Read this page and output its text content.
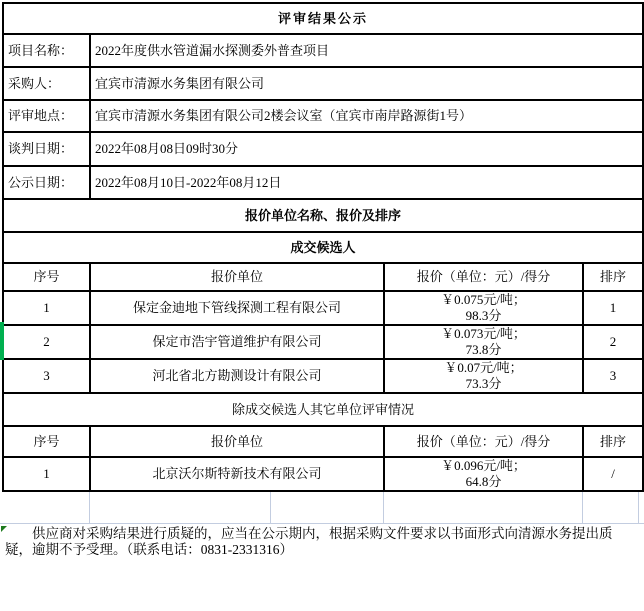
评审结果公示			
项目名称：	2022年度供水管道漏水探测委外普查项目		
采购人：	宜宾市清源水务集团有限公司		
评审地点：	宜宾市清源水务集团有限公司2楼会议室（宜宾市南岸路源街1号）		
谈判日期：	2022年08月08日09时30分		
公示日期：	2022年08月10日-2022年08月12日		
报价单位名称、报价及排序			
成交候选人			
序号	报价单位	报价（单位：元）/得分	排序
1	保定金迪地下管线探测工程有限公司	￥0.075元/吨；
98.3分	1
2	保定市浩宇管道维护有限公司	￥0.073元/吨；
73.8分	2
3	河北省北方勘测设计有限公司	￥0.07元/吨；
73.3分	3
除成交候选人其它单位评审情况			
序号	报价单位	报价（单位：元）/得分	排序
1	北京沃尔斯特新技术有限公司	￥0.096元/吨；
64.8分	/
　　供应商对采购结果进行质疑的，应当在公示期内，根据采购文件要求以书面形式向清源水务提出质疑，逾期不予受理。（联系电话：0831-2331316）
